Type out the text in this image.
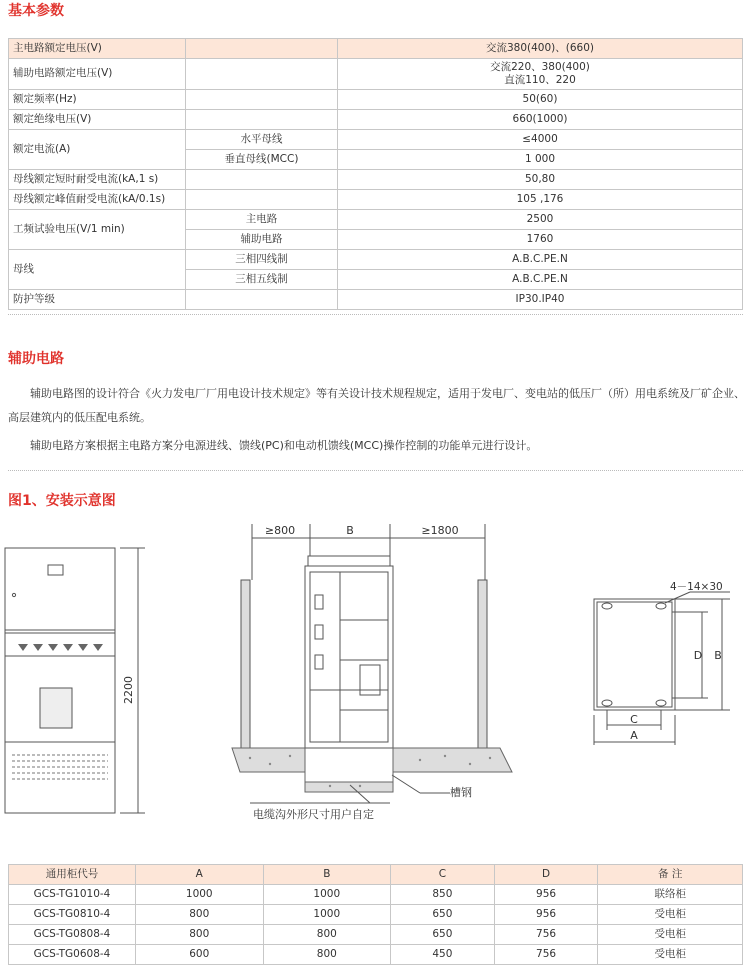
基本参数
主电路额定电压(V)		交流380(400)、(660)
辅助电路额定电压(V)		交流220、380(400)
直流110、220
额定频率(Hz)		50(60)
额定绝缘电压(V)		660(1000)
额定电流(A)	水平母线	≤4000
	垂直母线(MCC)	1 000
母线额定短时耐受电流(kA,1 s)		50,80
母线额定峰值耐受电流(kA/0.1s)		105 ,176
工频试验电压(V/1 min)	主电路	2500
	辅助电路	1760
母线	三相四线制	A.B.C.PE.N
	三相五线制	A.B.C.PE.N
防护等级		IP30.IP40
辅助电路
辅助电路图的设计符合《火力发电厂厂用电设计技术规定》等有关设计技术规程规定，适用于发电厂、变电站的低压厂（所）用电系统及厂矿企业、高层建筑内的低压配电系统。
辅助电路方案根据主电路方案分电源进线、馈线(PC)和电动机馈线(MCC)操作控制的功能单元进行设计。
图1、安装示意图
2200
≥800	B	≥1800
槽钢
电缆沟外形尺寸用户自定
4－14×30
D B
C
A
通用柜代号	A	B	C	D	备 注
GCS-TG1010-4	1000	1000	850	956	联络柜
GCS-TG0810-4	800	1000	650	956	受电柜
GCS-TG0808-4	800	800	650	756	受电柜
GCS-TG0608-4	600	800	450	756	受电柜
